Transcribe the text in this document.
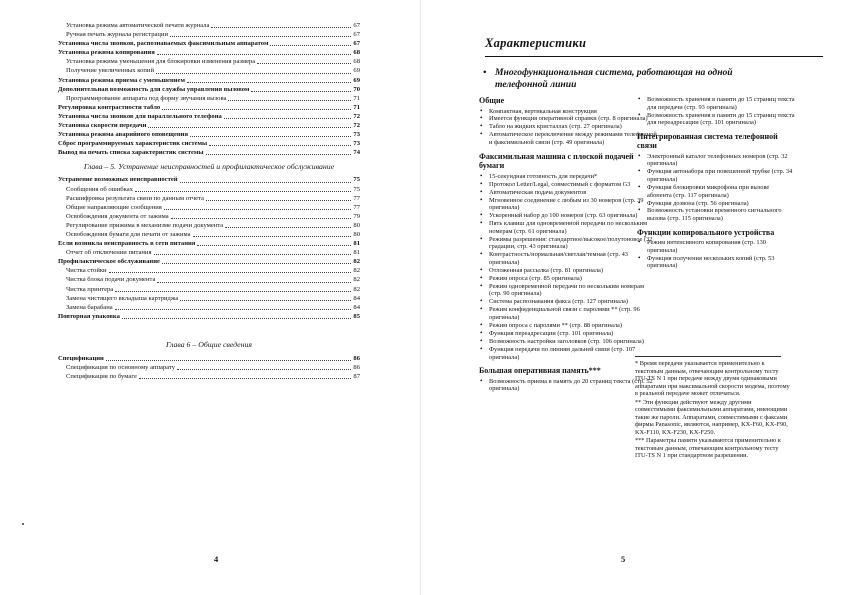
Установка режима автоматической печати журнала	67
Ручная печать журнала регистрации	67
Установка числа звонков, распознаваемых факсимильным аппаратом	67
Установка режима копирования	68
Установка режима уменьшения для блокировки изменения размера	68
Получение увеличенных копий	69
Установка режима приема с уменьшением	69
Дополнительная возможность для службы управления вызовом	70
Программирование аппарата под форму звучания вызова	71
Регулировка контрастности табло	71
Установка числа звонков для параллельного телефона	72
Установка скорости передачи	72
Установка режима аварийного оповещения	73
Сброс программируемых характеристик системы	73
Вывод на печать списка характеристик системы	74
Глава – 5. Устранение неисправностей и профилактическое обслуживание
Устранение возможных неисправностей	75
Сообщения об ошибках	75
Расшифровка результата связи по данным отчета	77
Общие направляющие сообщения	77
Освобождения документа от зажима	79
Регулирование прижима в механизме подачи документа	80
Освобождения бумаги для печати от зажима	80
Если возникла неисправность в сети питания	81
Отчет об отключении питания	81
Профилактическое обслуживание	82
Чистка стойки	82
Чистка блока подачи документа	82
Чистка принтера	82
Замена чистящего вкладыша картриджа	84
Замена барабана	84
Повторная упаковка	85
Глава 6 – Общие сведения
Спецификации	86
Спецификация по основному аппарату	86
Спецификация по бумаге	87
4
Характеристики
• Многофункциональная система, работающая на одной телефонной линии
Общие
• Компактная, вертикальная конструкция
• Имеется функция оперативной справки (стр. 8 оригинала)
• Табло на жидких кристаллах (стр. 27 оригинала)
• Автоматическое переключение между режимами телефонной и факсимильной связи (стр. 49 оригинала)
Факсимильная машина с плоской подачей бумаги
• 15-секундная готовность для передачи*
• Протокол Letter/Legal, совместимый с форматом G3
• Автоматическая подача документов
• Мгновенное соединение с любым из 30 номеров (стр. 39 оригинала)
• Ускоренный набор до 100 номеров (стр. 63 оригинала)
• Пять клавиш для одновременной передачи по нескольким номерам (стр. 61 оригинала)
• Режимы разрешения: стандартное/высокое/полутоновое (32 градации, стр. 43 оригинала)
• Контрастность/нормальная/светлая/темная (стр. 43 оригинала)
• Отложенная рассылка (стр. 81 оригинала)
• Режим опроса (стр. 85 оригинала)
• Режим одновременной передачи по нескольким номерам (стр. 90 оригинала)
• Система распознавания факса (стр. 127 оригинала)
• Режим конфиденциальной связи с паролями ** (стр. 96 оригинала)
• Режим опроса с паролями ** (стр. 88 оригинала)
• Функция переадресации (стр. 101 оригинала)
• Возможность настройки заголовков (стр. 106 оригинала)
• Функция передачи по линиям дальней связи (стр. 107 оригинала)
Большая оперативная память***
• Возможность приема в память до 20 страниц текста (стр. 52 оригинала)
• Возможность хранения в памяти до 15 страниц текста для передачи (стр. 93 оригинала)
• Возможность хранения в памяти до 15 страниц текста для переадресации (стр. 101 оригинала)
Интегрированная система телефонной связи
• Электронный каталог телефонных номеров (стр. 32 оригинала)
• Функция автонабора при повешенной трубке (стр. 34 оригинала)
• Функция блокировки микрофона при вызове абонента (стр. 117 оригинала)
• Функция дозвона (стр. 56 оригинала)
• Возможность установки временного сигнального вызова (стр. 115 оригинала)
Функции копировального устройства
• Режим интенсивного копирования (стр. 130 оригинала)
• Функция получения нескольких копий (стр. 53 оригинала)

* Время передачи указывается применительно к текстовым данным, отвечающим контрольному тесту ITU-TS N 1 при передаче между двумя одинаковыми аппаратами при максимальной скорости модема, поэтому в реальной передаче может отличаться.

** Эти функции действуют между другими совместимыми факсимильными аппаратами, имеющими такие же пароли. Аппаратами, совместимыми с факсами фирмы Panasonic, являются, например, KX-F60, KX-F90, KX-F110, KX-F230, KX-F250.

*** Параметры памяти указываются применительно к текстовым данным, отвечающим контрольному тесту ITU-TS N 1 при стандартном разрешении.

5
